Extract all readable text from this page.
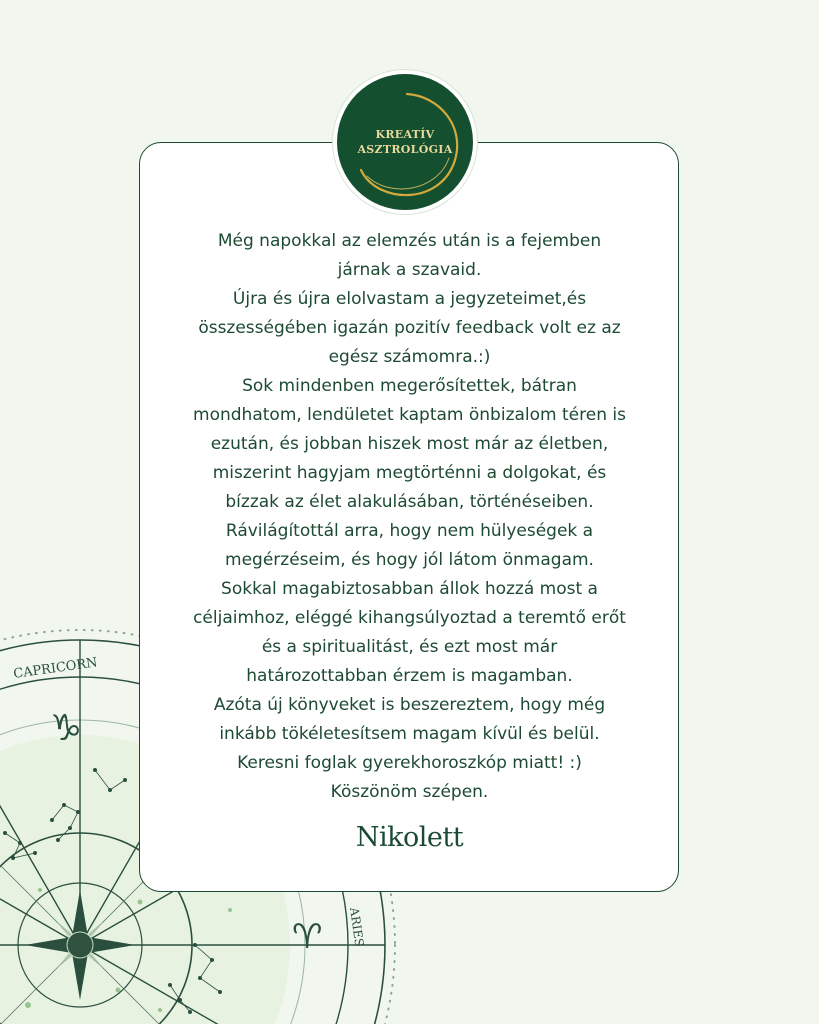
CAPRICORN
ARIES
♑
♈
KREATÍV
ASZTROLÓGIA

Még napokkal az elemzés után is a fejemben

járnak a szavaid.

Újra és újra elolvastam a jegyzeteimet,és

összességében igazán pozitív feedback volt ez az

egész számomra.:)

Sok mindenben megerősítettek, bátran

mondhatom, lendületet kaptam önbizalom téren is

ezután, és jobban hiszek most már az életben,

miszerint hagyjam megtörténni a dolgokat, és

bízzak az élet alakulásában, történéseiben.

Rávilágítottál arra, hogy nem hülyeségek a

megérzéseim, és hogy jól látom önmagam.

Sokkal magabiztosabban állok hozzá most a

céljaimhoz, eléggé kihangsúlyoztad a teremtő erőt

és a spiritualitást, és ezt most már

határozottabban érzem is magamban.

Azóta új könyveket is beszereztem, hogy még

inkább tökéletesítsem magam kívül és belül.

Keresni foglak gyerekhoroszkóp miatt! :)

Köszönöm szépen.

Nikolett
